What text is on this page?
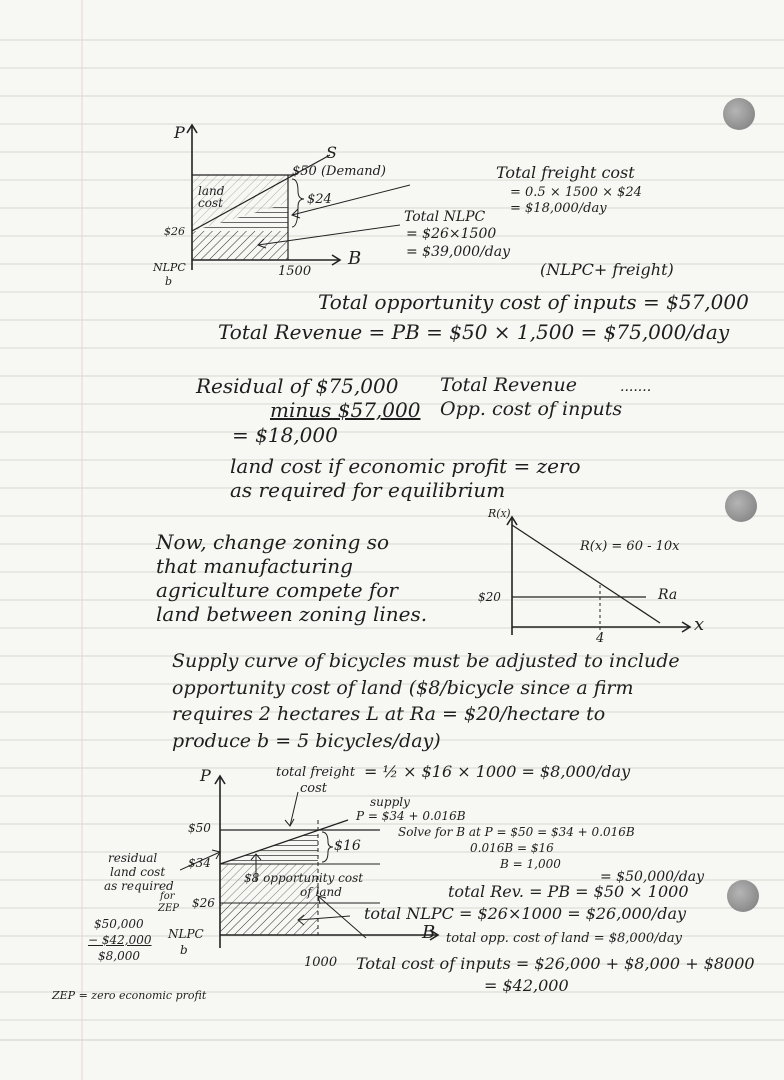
P
S
$50 (Demand)
land cost	$24
$26
NLPC
b
1500
B
Total freight cost
= 0.5 × 1500 × $24
= $18,000/day
Total NLPC
= $26×1500
= $39,000/day
(NLPC+ freight)
Total opportunity cost of inputs = $57,000
Total Revenue = PB = $50 × 1,500 = $75,000/day
Residual of $75,000
minus $57,000
= $18,000
Total Revenue	.......
Opp. cost of inputs
land cost if economic profit = zero
as required for equilibrium
Now, change zoning so
that manufacturing
agriculture compete for
land between zoning lines.
R(x)
R(x) = 60 - 10x
$20	Ra
4
x
Supply curve of bicycles must be adjusted to include
opportunity cost of land ($8/bicycle since a firm
requires 2 hectares L at Ra = $20/hectare to
produce b = 5 bicycles/day)
P
$50
$34
$26
NLPC
b
1000
B
$16
$8 opportunity cost
of land
total freight
cost
= ½ × $16 × 1000 = $8,000/day
supply
P = $34 + 0.016B
Solve for B at P = $50 = $34 + 0.016B
0.016B = $16
B = 1,000
= $50,000/day
total Rev. = PB = $50 × 1000
total NLPC = $26×1000 = $26,000/day
total opp. cost of land = $8,000/day
Total cost of inputs = $26,000 + $8,000 + $8000
= $42,000
residual
land cost
as required
for
ZEP
$50,000
− $42,000
$8,000
ZEP = zero economic profit
